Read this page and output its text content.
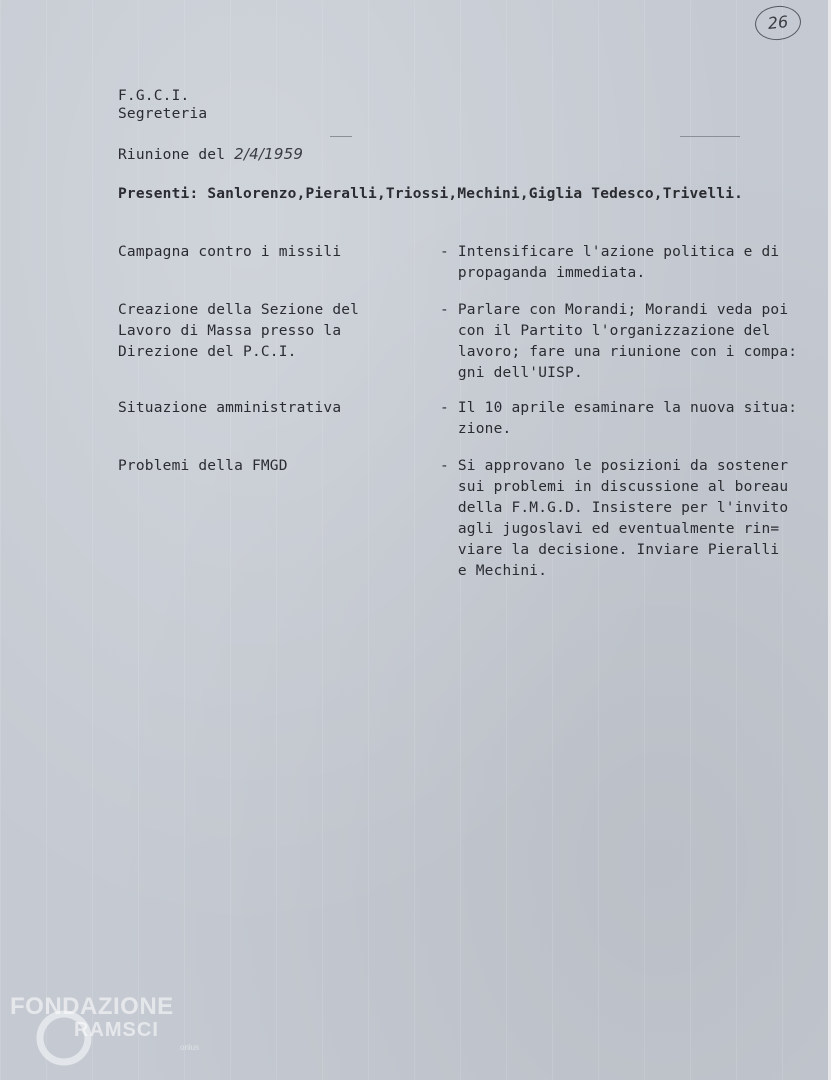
26
F.G.C.I.
Segreteria
Riunione del 2/4/1959
Presenti: Sanlorenzo,Pieralli,Triossi,Mechini,Giglia Tedesco,Trivelli.
Campagna contro i missili	- Intensificare l'azione politica e di
propaganda immediata.
Creazione della Sezione del
Lavoro di Massa presso la
Direzione del P.C.I.
- Parlare con Morandi; Morandi veda poi
con il Partito l'organizzazione del
lavoro; fare una riunione con i compa:
gni dell'UISP.
Situazione amministrativa	- Il 10 aprile esaminare la nuova situa:
zione.
Problemi della FMGD	- Si approvano le posizioni da sostener
sui problemi in discussione al boreau
della F.M.G.D. Insistere per l'invito
agli jugoslavi ed eventualmente rin=
viare la decisione. Inviare Pieralli
e Mechini.
FONDAZIONE
RAMSCI
onlus
